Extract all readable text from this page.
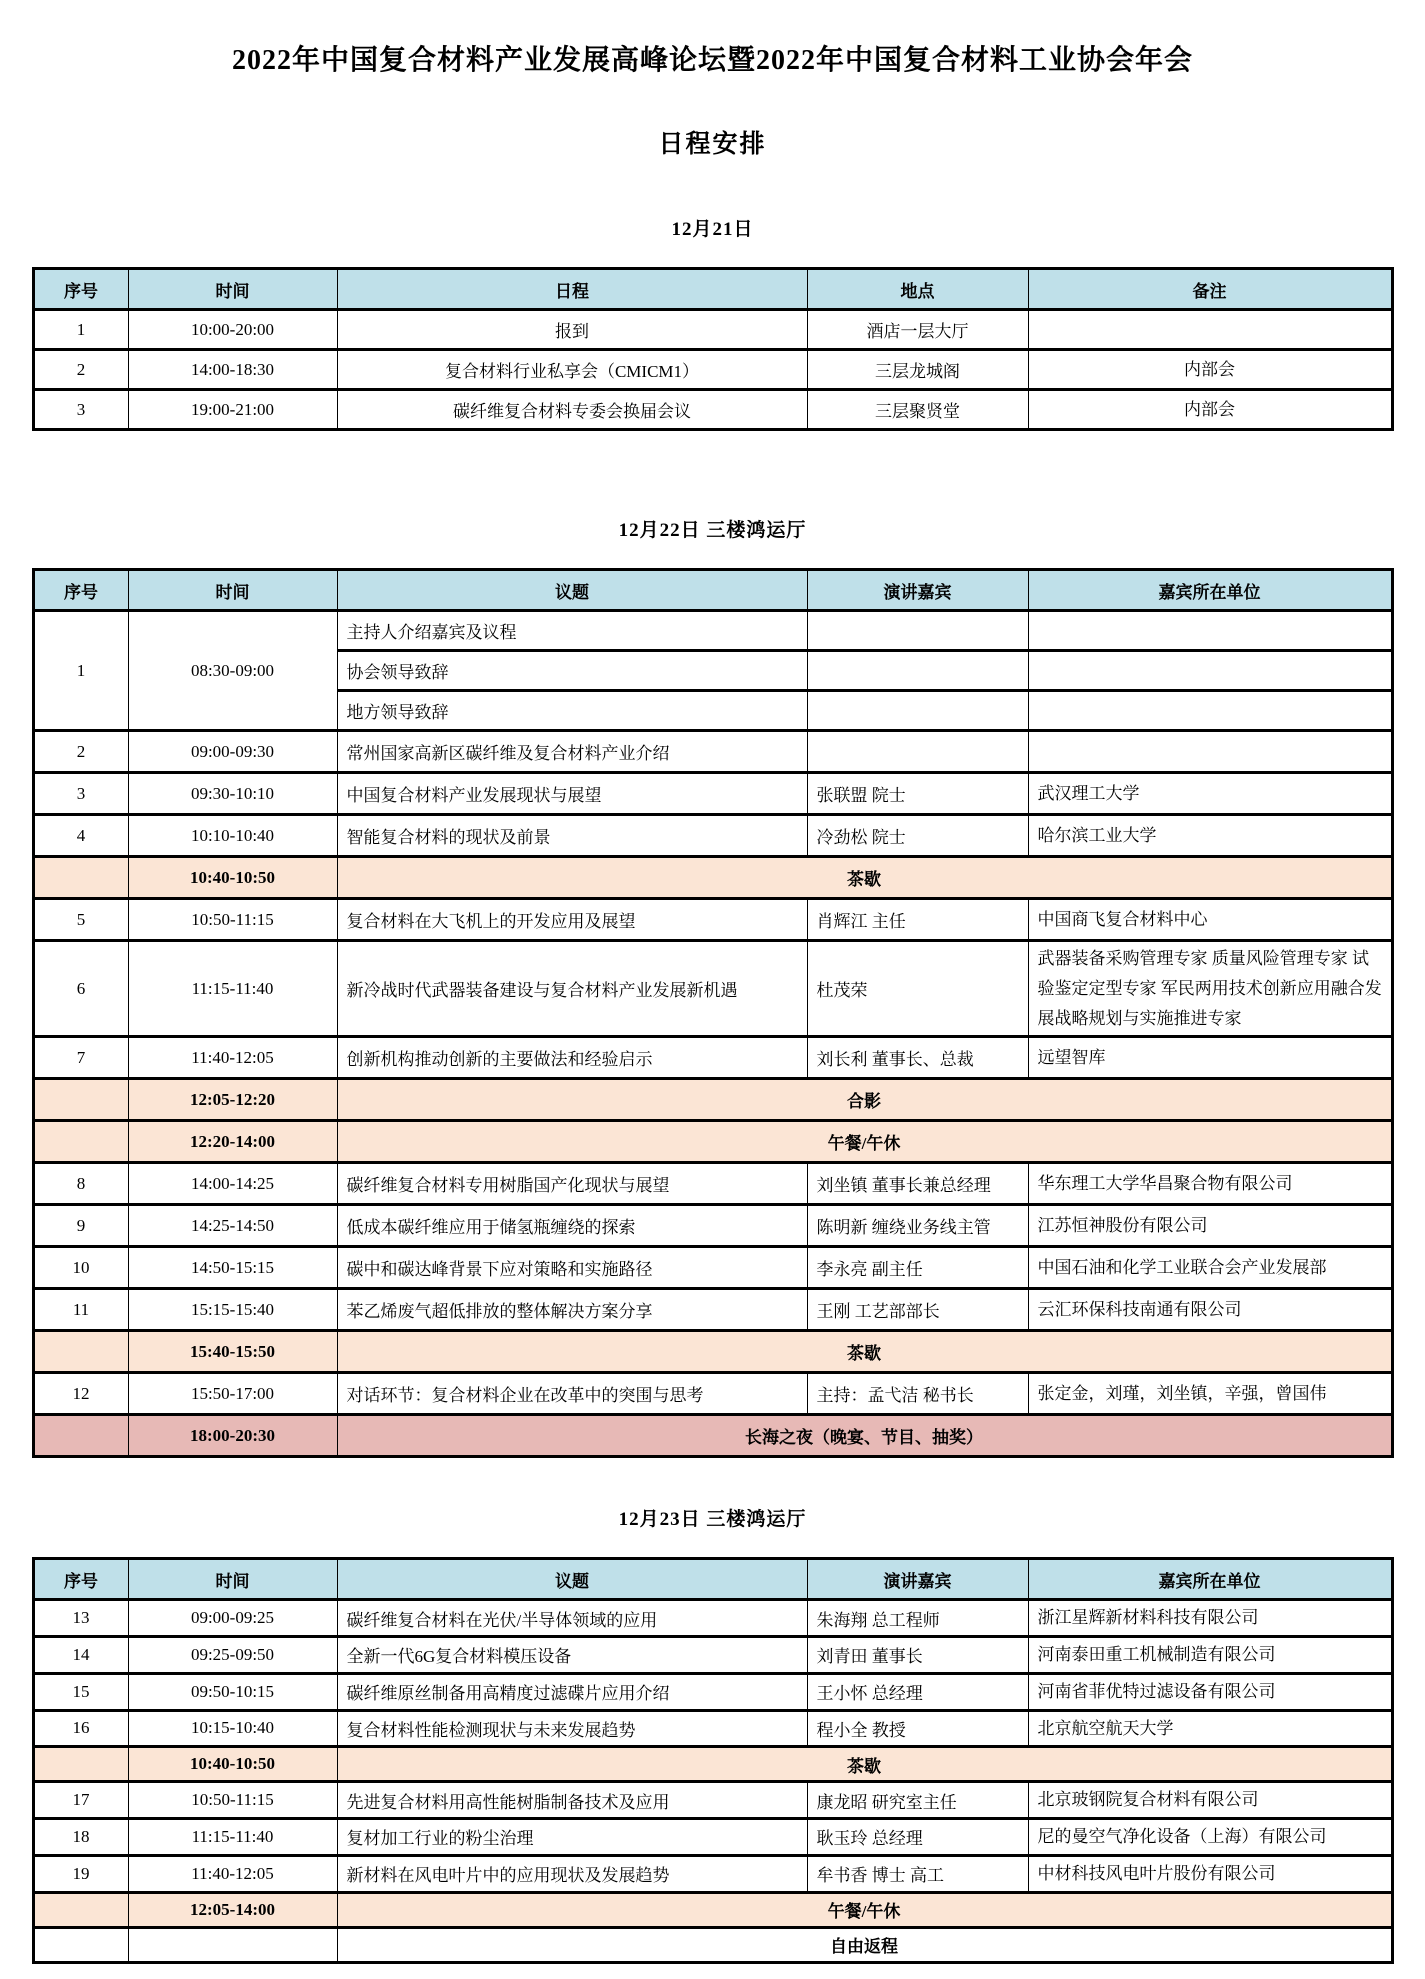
2022年中国复合材料产业发展高峰论坛暨2022年中国复合材料工业协会年会
日程安排
12月21日
序号	时间	日程	地点	备注
1	10:00-20:00	报到	酒店一层大厅	
2	14:00-18:30	复合材料行业私享会（CMICM1）	三层龙城阁	内部会
3	19:00-21:00	碳纤维复合材料专委会换届会议	三层聚贤堂	内部会
12月22日 三楼鸿运厅
序号	时间	议题	演讲嘉宾	嘉宾所在单位
1	08:30-09:00	主持人介绍嘉宾及议程		
		协会领导致辞		
		地方领导致辞		
2	09:00-09:30	常州国家高新区碳纤维及复合材料产业介绍		
3	09:30-10:10	中国复合材料产业发展现状与展望	张联盟 院士	武汉理工大学
4	10:10-10:40	智能复合材料的现状及前景	冷劲松 院士	哈尔滨工业大学
	10:40-10:50	茶歇		
5	10:50-11:15	复合材料在大飞机上的开发应用及展望	肖辉江 主任	中国商飞复合材料中心
6	11:15-11:40	新冷战时代武器装备建设与复合材料产业发展新机遇	杜茂荣	武器装备采购管理专家 质量风险管理专家 试验鉴定定型专家 军民两用技术创新应用融合发展战略规划与实施推进专家
7	11:40-12:05	创新机构推动创新的主要做法和经验启示	刘长利 董事长、总裁	远望智库
	12:05-12:20	合影		
	12:20-14:00	午餐/午休		
8	14:00-14:25	碳纤维复合材料专用树脂国产化现状与展望	刘坐镇 董事长兼总经理	华东理工大学华昌聚合物有限公司
9	14:25-14:50	低成本碳纤维应用于储氢瓶缠绕的探索	陈明新 缠绕业务线主管	江苏恒神股份有限公司
10	14:50-15:15	碳中和碳达峰背景下应对策略和实施路径	李永亮 副主任	中国石油和化学工业联合会产业发展部
11	15:15-15:40	苯乙烯废气超低排放的整体解决方案分享	王刚 工艺部部长	云汇环保科技南通有限公司
	15:40-15:50	茶歇		
12	15:50-17:00	对话环节：复合材料企业在改革中的突围与思考	主持：孟弋洁 秘书长	张定金，刘瑾，刘坐镇，辛强，曾国伟
	18:00-20:30	长海之夜（晚宴、节目、抽奖）		
12月23日 三楼鸿运厅
序号	时间	议题	演讲嘉宾	嘉宾所在单位
13	09:00-09:25	碳纤维复合材料在光伏/半导体领域的应用	朱海翔 总工程师	浙江星辉新材料科技有限公司
14	09:25-09:50	全新一代6G复合材料模压设备	刘青田 董事长	河南泰田重工机械制造有限公司
15	09:50-10:15	碳纤维原丝制备用高精度过滤碟片应用介绍	王小怀 总经理	河南省菲优特过滤设备有限公司
16	10:15-10:40	复合材料性能检测现状与未来发展趋势	程小全 教授	北京航空航天大学
	10:40-10:50	茶歇		
17	10:50-11:15	先进复合材料用高性能树脂制备技术及应用	康龙昭 研究室主任	北京玻钢院复合材料有限公司
18	11:15-11:40	复材加工行业的粉尘治理	耿玉玲 总经理	尼的曼空气净化设备（上海）有限公司
19	11:40-12:05	新材料在风电叶片中的应用现状及发展趋势	牟书香 博士 高工	中材科技风电叶片股份有限公司
	12:05-14:00	午餐/午休		
		自由返程		
